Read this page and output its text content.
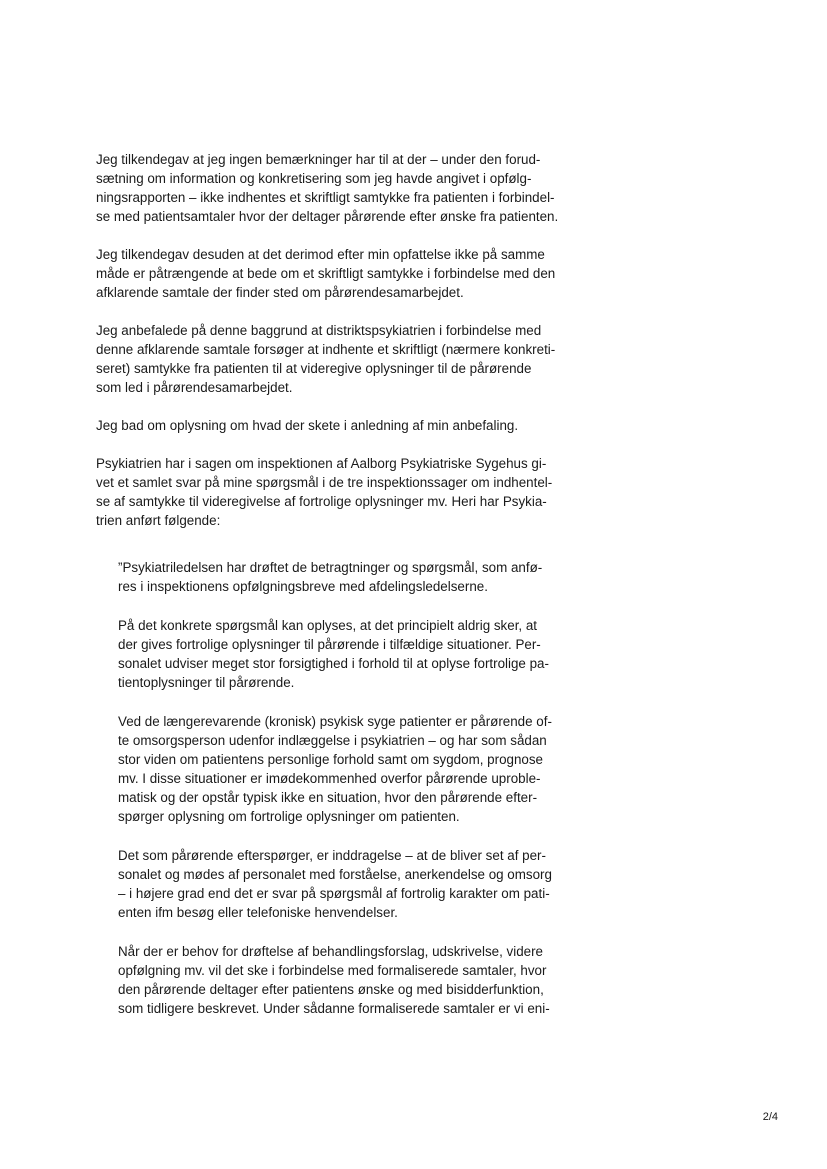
Jeg tilkendegav at jeg ingen bemærkninger har til at der – under den forud-
sætning om information og konkretisering som jeg havde angivet i opfølg-
ningsrapporten – ikke indhentes et skriftligt samtykke fra patienten i forbindel-
se med patientsamtaler hvor der deltager pårørende efter ønske fra patienten.

Jeg tilkendegav desuden at det derimod efter min opfattelse ikke på samme
måde er påtrængende at bede om et skriftligt samtykke i forbindelse med den
afklarende samtale der finder sted om pårørendesamarbejdet.

Jeg anbefalede på denne baggrund at distriktspsykiatrien i forbindelse med
denne afklarende samtale forsøger at indhente et skriftligt (nærmere konkreti-
seret) samtykke fra patienten til at videregive oplysninger til de pårørende
som led i pårørendesamarbejdet.

Jeg bad om oplysning om hvad der skete i anledning af min anbefaling.

Psykiatrien har i sagen om inspektionen af Aalborg Psykiatriske Sygehus gi-
vet et samlet svar på mine spørgsmål i de tre inspektionssager om indhentel-
se af samtykke til videregivelse af fortrolige oplysninger mv. Heri har Psykia-
trien anført følgende:

”Psykiatriledelsen har drøftet de betragtninger og spørgsmål, som anfø-
res i inspektionens opfølgningsbreve med afdelingsledelserne.

På det konkrete spørgsmål kan oplyses, at det principielt aldrig sker, at
der gives fortrolige oplysninger til pårørende i tilfældige situationer. Per-
sonalet udviser meget stor forsigtighed i forhold til at oplyse fortrolige pa-
tientoplysninger til pårørende.

Ved de længerevarende (kronisk) psykisk syge patienter er pårørende of-
te omsorgsperson udenfor indlæggelse i psykiatrien – og har som sådan
stor viden om patientens personlige forhold samt om sygdom, prognose
mv. I disse situationer er imødekommenhed overfor pårørende uproble-
matisk og der opstår typisk ikke en situation, hvor den pårørende efter-
spørger oplysning om fortrolige oplysninger om patienten.

Det som pårørende efterspørger, er inddragelse – at de bliver set af per-
sonalet og mødes af personalet med forståelse, anerkendelse og omsorg
– i højere grad end det er svar på spørgsmål af fortrolig karakter om pati-
enten ifm besøg eller telefoniske henvendelser.

Når der er behov for drøftelse af behandlingsforslag, udskrivelse, videre
opfølgning mv. vil det ske i forbindelse med formaliserede samtaler, hvor
den pårørende deltager efter patientens ønske og med bisidderfunktion,
som tidligere beskrevet. Under sådanne formaliserede samtaler er vi eni-

2/4
